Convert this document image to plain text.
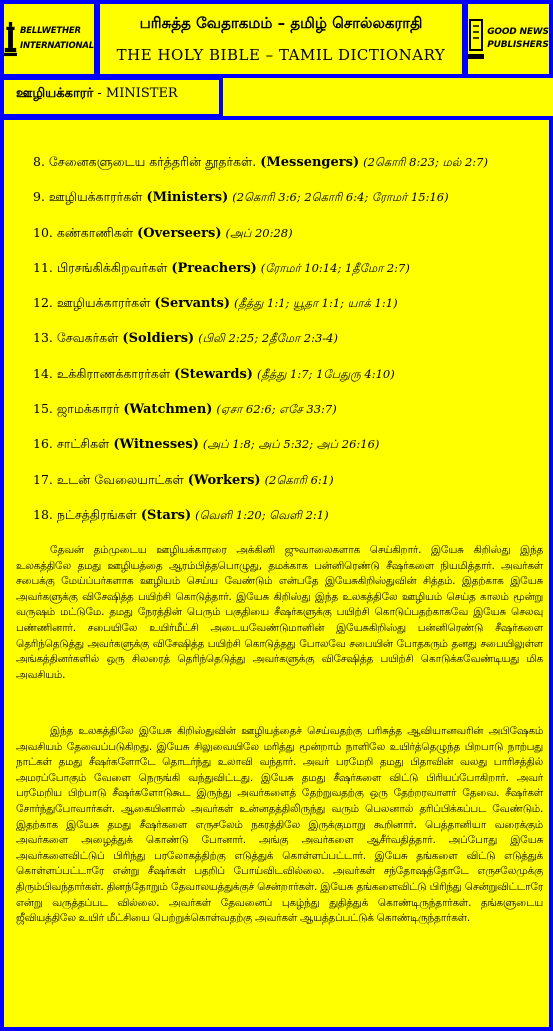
BELLWETHER
INTERNATIONAL
பரிசுத்த வேதாகமம் – தமிழ் சொல்லகராதி
THE HOLY BIBLE – TAMIL DICTIONARY
GOOD NEWS
PUBLISHERS
ஊழியக்காரர் - MINISTER
8. சேனைகளுடைய கர்த்தரின் தூதர்கள். (Messengers) (2கொரி 8:23; மல் 2:7)
9. ஊழியக்காரர்கள் (Ministers) (2கொரி 3:6; 2கொரி 6:4; ரோமர் 15:16)
10. கண்காணிகள் (Overseers) (அப் 20:28)
11. பிரசங்கிக்கிறவர்கள் (Preachers) (ரோமர் 10:14; 1தீமோ 2:7)
12. ஊழியக்காரர்கள் (Servants) (தீத்து 1:1; யூதா 1:1; யாக் 1:1)
13. சேவகர்கள் (Soldiers) (பிலி 2:25; 2தீமோ 2:3-4)
14. உக்கிராணக்காரர்கள் (Stewards) (தீத்து 1:7; 1பேதுரு 4:10)
15. ஜாமக்காரர் (Watchmen) (ஏசா 62:6; எசே 33:7)
16. சாட்சிகள் (Witnesses) (அப் 1:8; அப் 5:32; அப் 26:16)
17. உடன் வேலையாட்கள் (Workers) (2கொரி 6:1)
18. நட்சத்திரங்கள் (Stars) (வெளி 1:20; வெளி 2:1)

தேவன் தம்முடைய ஊழியக்காரரை அக்கினி ஜுவாலைகளாக செய்கிறார். இயேசு கிறிஸ்து இந்த உலகத்திலே தமது ஊழியத்தை ஆரம்பித்தபொழுது, தமக்காக பன்னிரெண்டு சீஷர்களை நியமித்தார். அவர்கள் சபைக்கு மேய்ப்பர்களாக ஊழியம் செய்ய வேண்டும் என்பதே இயேசுகிறிஸ்துவின் சித்தம். இதற்காக இயேசு அவர்களுக்கு விசேஷித்த பயிற்சி கொடுத்தார். இயேசு கிறிஸ்து இந்த உலகத்திலே ஊழியம் செய்த காலம் மூன்று வருஷம் மட்டுமே. தமது நேரத்தின் பெரும் பகுதியை சீஷர்களுக்கு பயிற்சி கொடுப்பதற்காகவே இயேசு செலவு பண்ணினார். சபையிலே உயிர்மீட்சி அடையவேண்டுமானின் இயேசுகிறிஸ்து பன்னிரெண்டு சீஷர்களை தெரிந்தெடுத்து அவர்களுக்கு விசேஷித்த பயிற்சி கொடுத்தது போலவே சபையின் போதகரும் தனது சபையிலுள்ள அங்கத்தினர்களில் ஒரு சிலரைத் தெரிந்தெடுத்து அவர்களுக்கு விசேஷித்த பயிற்சி கொடுக்கவேண்டியது மிக அவசியம்.

இந்த உலகத்திலே இயேசு கிறிஸ்துவின் ஊழியத்தைச் செய்வதற்கு பரிசுத்த ஆவியானவரின் அபிஷேகம் அவசியம் தேவைப்படுகிறது. இயேசு சிலுவையிலே மரித்து மூன்றாம் நாளிலே உயிர்த்தெழுந்த பிறபாடு நாற்பது நாட்கள் தமது சீஷர்களோடே தொடர்ந்து உலாவி வந்தார். அவர் பரமேறி தமது பிதாவின் வலது பாரிசத்தில் அமரப்போகும் வேளை நெருங்கி வந்துவிட்டது. இயேசு தமது சீஷர்களை விட்டு பிரியப்போகிறார். அவர் பரமேறிய பிற்பாடு சீஷர்களோடுகூட இருந்து அவர்களைத் தேற்றுவதற்கு ஒரு தேற்றரவாளர் தேவை. சீஷர்கள் சோர்ந்துபோவார்கள். ஆகையினால் அவர்கள் உன்னதத்திலிருந்து வரும் பெலனால் தரிப்பிக்கப்பட வேண்டும். இதற்காக இயேசு தமது சீஷர்களை எருசலேம் நகரத்திலே இருக்குமாறு கூறினார். பெத்தானியா வரைக்கும் அவர்களை அழைத்துக் கொண்டு போனார். அங்கு அவர்களை ஆசீர்வதித்தார். அப்போது இயேசு அவர்களைவிட்டுப் பிரிந்து பரலோகத்திற்கு எடுத்துக் கொள்ளப்பட்டார். இயேசு தங்களை விட்டு எடுத்துக் கொள்ளப்பட்டாரே என்று சீஷர்கள் பதறிப் போய்விடவில்லை. அவர்கள் சந்தோஷத்தோடே எருசலேமுக்கு திரும்பிவந்தார்கள். தினந்தோறும் தேவாலயத்துக்குச் சென்றார்கள். இயேசு தங்களைவிட்டு பிரிந்து சென்றுவிட்டாரே என்று வருத்தப்பட வில்லை. அவர்கள் தேவனைப் புகழ்ந்து துதித்துக் கொண்டிருந்தார்கள். தங்களுடைய ஜீவியத்திலே உயிர் மீட்சியை பெற்றுக்கொள்வதற்கு அவர்கள் ஆயத்தப்பட்டுக் கொண்டிருந்தார்கள்.
